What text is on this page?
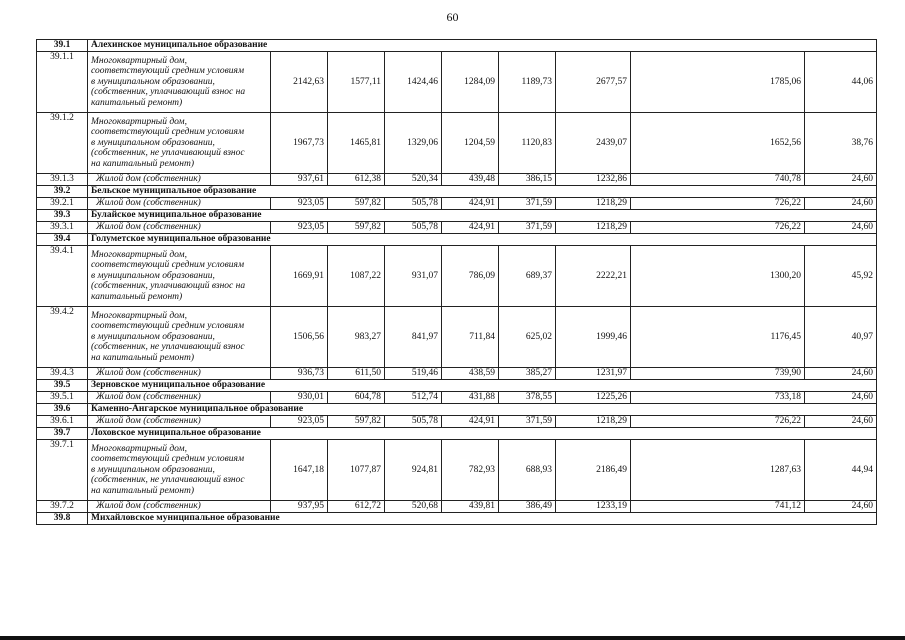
60
39.1	Алехинское муниципальное образование								
39.1.1	Многоквартирный дом,
соответствующий средним условиям
в муниципальном образовании,
(собственник, уплачивающий взнос на
капитальный ремонт)	2142,63	1577,11	1424,46	1284,09	1189,73	2677,57	1785,06	44,06
39.1.2	Многоквартирный дом,
соответствующий средним условиям
в муниципальном образовании,
(собственник, не уплачивающий взнос
на капитальный ремонт)	1967,73	1465,81	1329,06	1204,59	1120,83	2439,07	1652,56	38,76
39.1.3	Жилой дом (собственник)	937,61	612,38	520,34	439,48	386,15	1232,86	740,78	24,60
39.2	Бельское муниципальное образование								
39.2.1	Жилой дом (собственник)	923,05	597,82	505,78	424,91	371,59	1218,29	726,22	24,60
39.3	Булайское муниципальное образование								
39.3.1	Жилой дом (собственник)	923,05	597,82	505,78	424,91	371,59	1218,29	726,22	24,60
39.4	Голуметское муниципальное образование								
39.4.1	Многоквартирный дом,
соответствующий средним условиям
в муниципальном образовании,
(собственник, уплачивающий взнос на
капитальный ремонт)	1669,91	1087,22	931,07	786,09	689,37	2222,21	1300,20	45,92
39.4.2	Многоквартирный дом,
соответствующий средним условиям
в муниципальном образовании,
(собственник, не уплачивающий взнос
на капитальный ремонт)	1506,56	983,27	841,97	711,84	625,02	1999,46	1176,45	40,97
39.4.3	Жилой дом (собственник)	936,73	611,50	519,46	438,59	385,27	1231,97	739,90	24,60
39.5	Зерновское муниципальное образование								
39.5.1	Жилой дом (собственник)	930,01	604,78	512,74	431,88	378,55	1225,26	733,18	24,60
39.6	Каменно-Ангарское муниципальное образование								
39.6.1	Жилой дом (собственник)	923,05	597,82	505,78	424,91	371,59	1218,29	726,22	24,60
39.7	Лоховское муниципальное образование								
39.7.1	Многоквартирный дом,
соответствующий средним условиям
в муниципальном образовании,
(собственник, не уплачивающий взнос
на капитальный ремонт)	1647,18	1077,87	924,81	782,93	688,93	2186,49	1287,63	44,94
39.7.2	Жилой дом (собственник)	937,95	612,72	520,68	439,81	386,49	1233,19	741,12	24,60
39.8	Михайловское муниципальное образование								
